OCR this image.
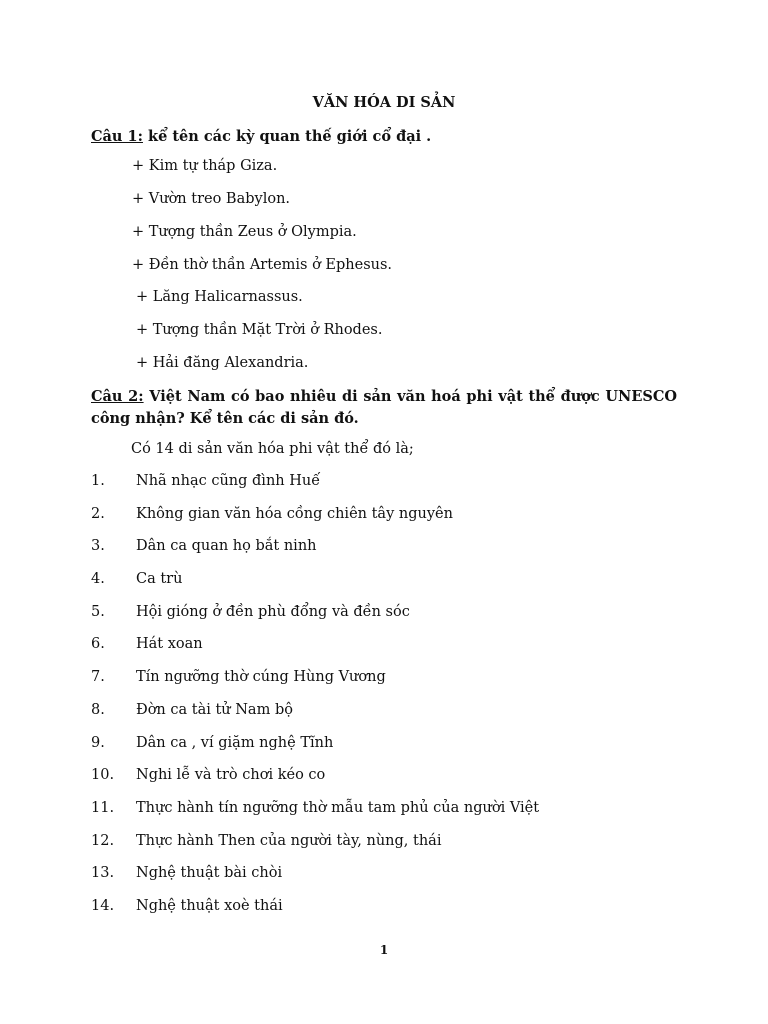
VĂN HÓA DI SẢN
Câu 1: kể tên các kỳ quan thế giới cổ đại .
+ Kim tự tháp Giza.
+ Vườn treo Babylon.
+ Tượng thần Zeus ở Olympia.
+ Đền thờ thần Artemis ở Ephesus.
+ Lăng Halicarnassus.
+ Tượng thần Mặt Trời ở Rhodes.
+ Hải đăng Alexandria.
Câu 2: Việt Nam có bao nhiêu di sản văn hoá phi vật thể được UNESCO công nhận? Kể tên các di sản đó.
Có 14 di sản văn hóa phi vật thể đó là;
1. Nhã nhạc cũng đình Huế
2. Không gian văn hóa cồng chiên tây nguyên
3. Dân ca quan họ bắt ninh
4. Ca trù
5. Hội gióng ở đền phù đổng và đền sóc
6. Hát xoan
7. Tín ngưỡng thờ cúng Hùng Vương
8. Đờn ca tài tử Nam bộ
9. Dân ca , ví giặm nghệ Tĩnh
10. Nghi lễ và trò chơi kéo co
11. Thực hành tín ngưỡng thờ mẫu tam phủ của người Việt
12. Thực hành Then của người tày, nùng, thái
13. Nghệ thuật bài chòi
14. Nghệ thuật xoè thái
1
